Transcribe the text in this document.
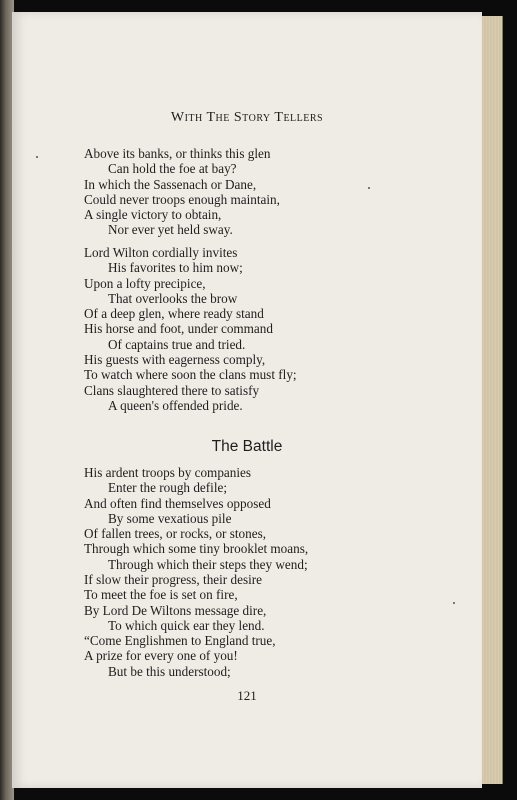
With The Story Tellers
Above its banks, or thinks this glen
Can hold the foe at bay?
In which the Sassenach or Dane,
Could never troops enough maintain,
A single victory to obtain,
Nor ever yet held sway.
Lord Wilton cordially invites
His favorites to him now;
Upon a lofty precipice,
That overlooks the brow
Of a deep glen, where ready stand
His horse and foot, under command
Of captains true and tried.
His guests with eagerness comply,
To watch where soon the clans must fly;
Clans slaughtered there to satisfy
A queen's offended pride.
The Battle
His ardent troops by companies
Enter the rough defile;
And often find themselves opposed
By some vexatious pile
Of fallen trees, or rocks, or stones,
Through which some tiny brooklet moans,
Through which their steps they wend;
If slow their progress, their desire
To meet the foe is set on fire,
By Lord De Wiltons message dire,
To which quick ear they lend.
“Come Englishmen to England true,
A prize for every one of you!
But be this understood;
121
